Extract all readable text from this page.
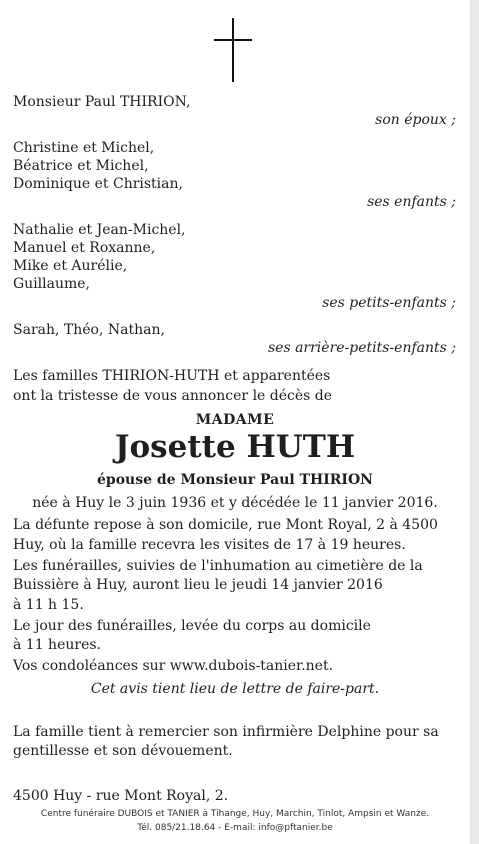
Monsieur Paul THIRION,
son époux ;
Christine et Michel,
Béatrice et Michel,
Dominique et Christian,
ses enfants ;
Nathalie et Jean-Michel,
Manuel et Roxanne,
Mike et Aurélie,
Guillaume,
ses petits-enfants ;
Sarah, Théo, Nathan,
ses arrière-petits-enfants ;
Les familles THIRION-HUTH et apparentées
ont la tristesse de vous annoncer le décès de
MADAME
Josette HUTH
épouse de Monsieur Paul THIRION
née à Huy le 3 juin 1936 et y décédée le 11 janvier 2016.
La défunte repose à son domicile, rue Mont Royal, 2 à 4500
Huy, où la famille recevra les visites de 17 à 19 heures.
Les funérailles, suivies de l'inhumation au cimetière de la
Buissière à Huy, auront lieu le jeudi 14 janvier 2016
à 11 h 15.
Le jour des funérailles, levée du corps au domicile
à 11 heures.
Vos condoléances sur www.dubois-tanier.net.
Cet avis tient lieu de lettre de faire-part.
La famille tient à remercier son infirmière Delphine pour sa
gentillesse et son dévouement.
4500 Huy - rue Mont Royal, 2.
Centre funéraire DUBOIS et TANIER à Tihange, Huy, Marchin, Tinlot, Ampsin et Wanze.
Tél. 085/21.18.64 - E-mail: info@pftanier.be
